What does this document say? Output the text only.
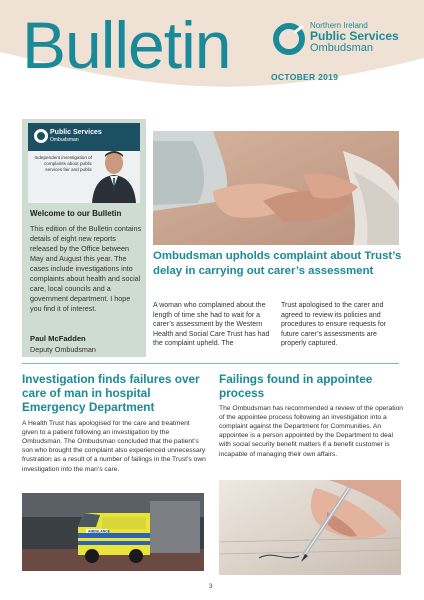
Bulletin	Northern Ireland
Public Services
Ombudsman
OCTOBER 2019
Public Services
Ombudsman
Independent investigation of complaints about public services fair and public
Welcome to our Bulletin
This edition of the Bulletin contains details of eight new reports released by the Office between May and August this year. The cases include investigations into complaints about health and social care, local councils and a government department. I hope you find it of interest.
Paul McFadden
Deputy Ombudsman
Ombudsman upholds complaint about Trust’s delay in carrying out carer’s assessment
A woman who complained about the length of time she had to wait for a carer’s assessment by the Western Health and Social Care Trust has had the complaint upheld. The
Trust apologised to the carer and agreed to review its policies and procedures to ensure requests for future carer’s assessments are properly captured.
Investigation finds failures over care of man in hospital Emergency Department
A Health Trust has apologised for the care and treatment given to a patient following an investigation by the Ombudsman. The Ombudsman concluded that the patient’s son who brought the complaint also experienced unnecessary frustration as a result of a number of failings in the Trust’s own investigation into the man’s care.
AMBULANCE
Failings found in appointee process
The Ombudsman has recommended a review of the operation of the appointee process following an investigation into a complaint against the Department for Communities. An appointee is a person appointed by the Department to deal with social security benefit matters if a benefit customer is incapable of managing their own affairs.
3
